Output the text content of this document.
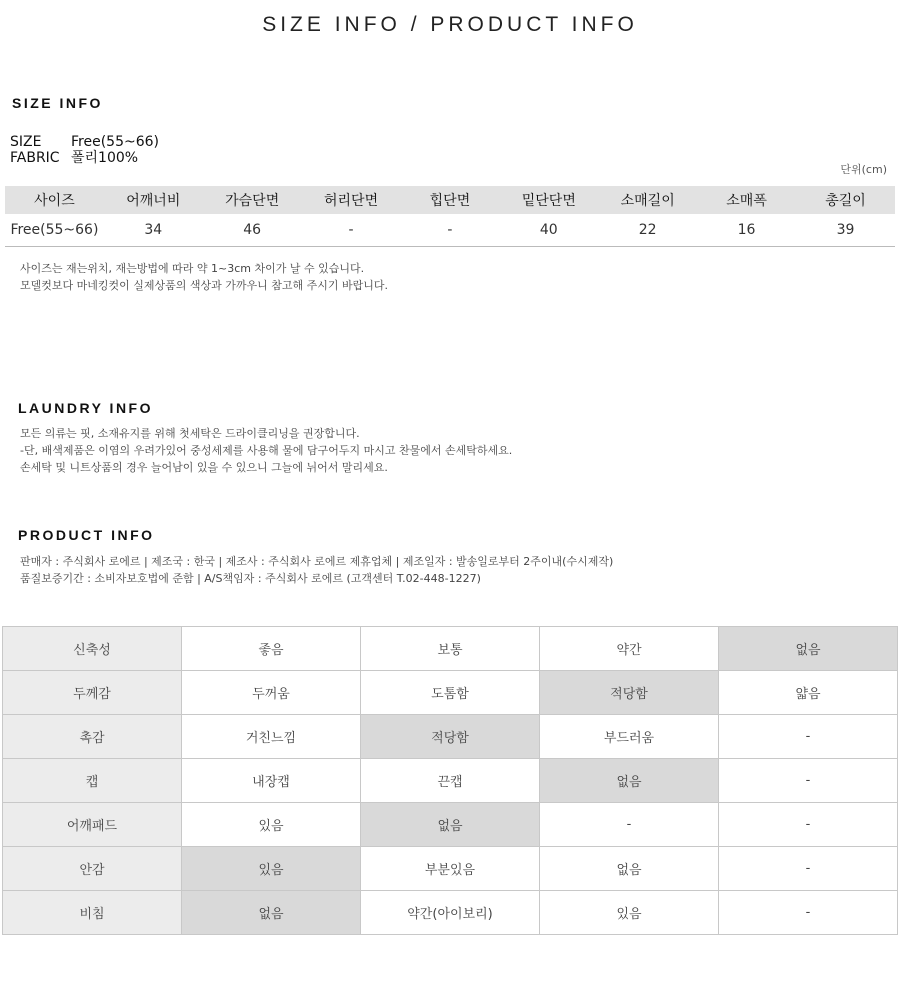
SIZE INFO / PRODUCT INFO
SIZE INFO
SIZE Free(55~66)
FABRIC 폴리100%
단위(cm)
사이즈	어깨너비	가슴단면	허리단면	힙단면	밑단단면	소매길이	소매폭	총길이
Free(55~66)	34	46	-	-	40	22	16	39
사이즈는 재는위치, 재는방법에 따라 약 1~3cm 차이가 날 수 있습니다.
모델컷보다 마네킹컷이 실제상품의 색상과 가까우니 참고해 주시기 바랍니다.
LAUNDRY INFO
모든 의류는 핏, 소재유지를 위해 첫세탁은 드라이클리닝을 권장합니다.
-단, 배색제품은 이염의 우려가있어 중성세제를 사용해 물에 담구어두지 마시고 찬물에서 손세탁하세요.
손세탁 및 니트상품의 경우 늘어남이 있을 수 있으니 그늘에 뉘어서 말리세요.
PRODUCT INFO
판매자 : 주식회사 로에르 | 제조국 : 한국 | 제조사 : 주식회사 로에르 제휴업체 | 제조일자 : 발송일로부터 2주이내(수시제작)
품질보증기간 : 소비자보호법에 준함 | A/S책임자 : 주식회사 로에르 (고객센터 T.02-448-1227)
신축성	좋음	보통	약간	없음
두께감	두꺼움	도톰함	적당함	얇음
촉감	거친느낌	적당함	부드러움	-
캡	내장캡	끈캡	없음	-
어깨패드	있음	없음	-	-
안감	있음	부분있음	없음	-
비침	없음	약간(아이보리)	있음	-
